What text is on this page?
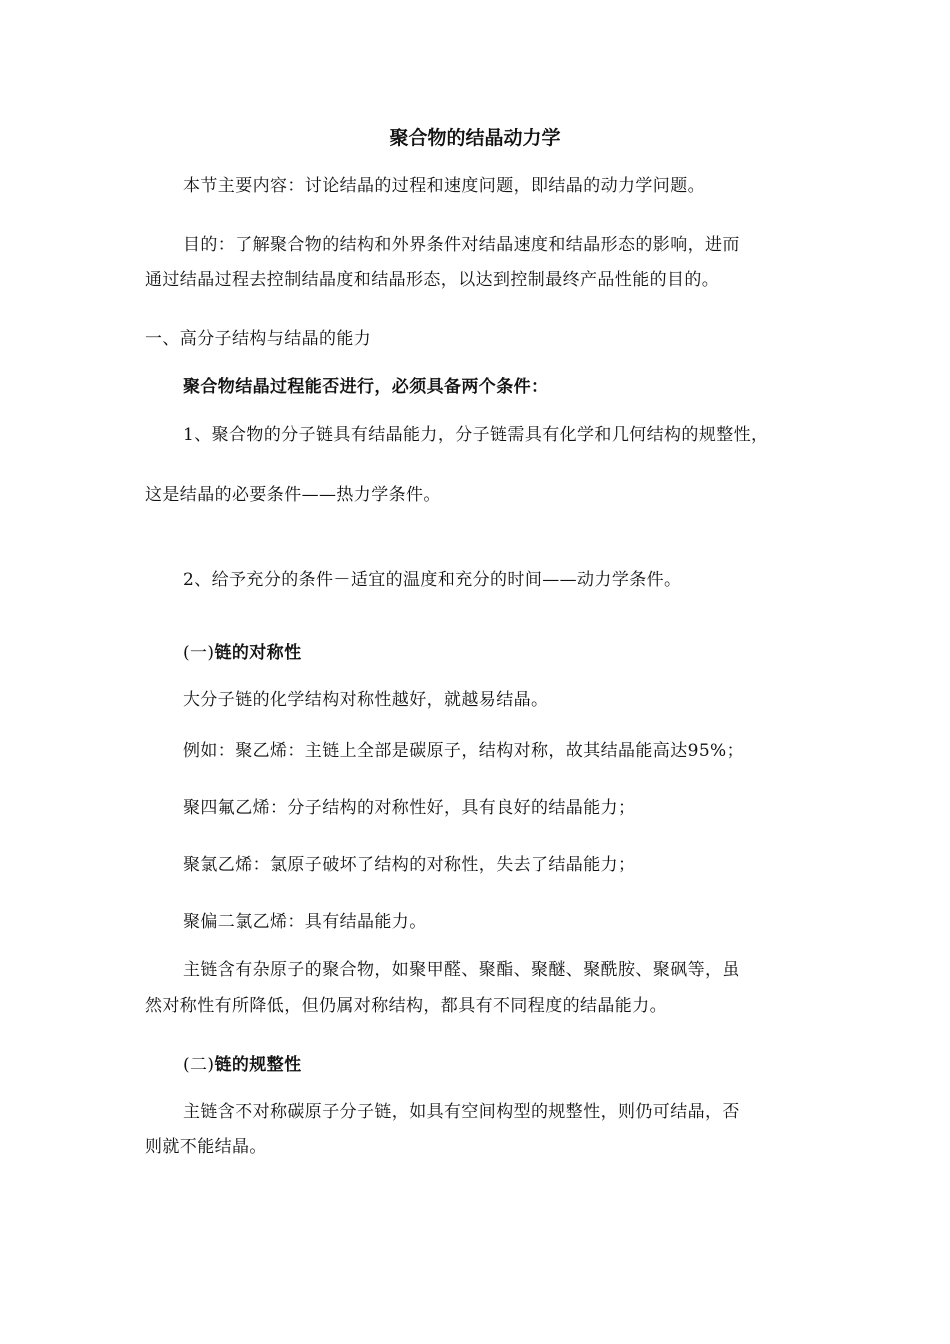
聚合物的结晶动力学
本节主要内容：讨论结晶的过程和速度问题，即结晶的动力学问题。
目的：了解聚合物的结构和外界条件对结晶速度和结晶形态的影响，进而
通过结晶过程去控制结晶度和结晶形态，以达到控制最终产品性能的目的。
一、高分子结构与结晶的能力
聚合物结晶过程能否进行，必须具备两个条件：
1、聚合物的分子链具有结晶能力，分子链需具有化学和几何结构的规整性，
这是结晶的必要条件——热力学条件。
2、给予充分的条件－适宜的温度和充分的时间——动力学条件。
(一)链的对称性
大分子链的化学结构对称性越好，就越易结晶。
例如：聚乙烯：主链上全部是碳原子，结构对称，故其结晶能高达95%；
聚四氟乙烯：分子结构的对称性好，具有良好的结晶能力；
聚氯乙烯：氯原子破坏了结构的对称性，失去了结晶能力；
聚偏二氯乙烯：具有结晶能力。
主链含有杂原子的聚合物，如聚甲醛、聚酯、聚醚、聚酰胺、聚砜等，虽
然对称性有所降低，但仍属对称结构，都具有不同程度的结晶能力。
(二)链的规整性
主链含不对称碳原子分子链，如具有空间构型的规整性，则仍可结晶，否
则就不能结晶。
